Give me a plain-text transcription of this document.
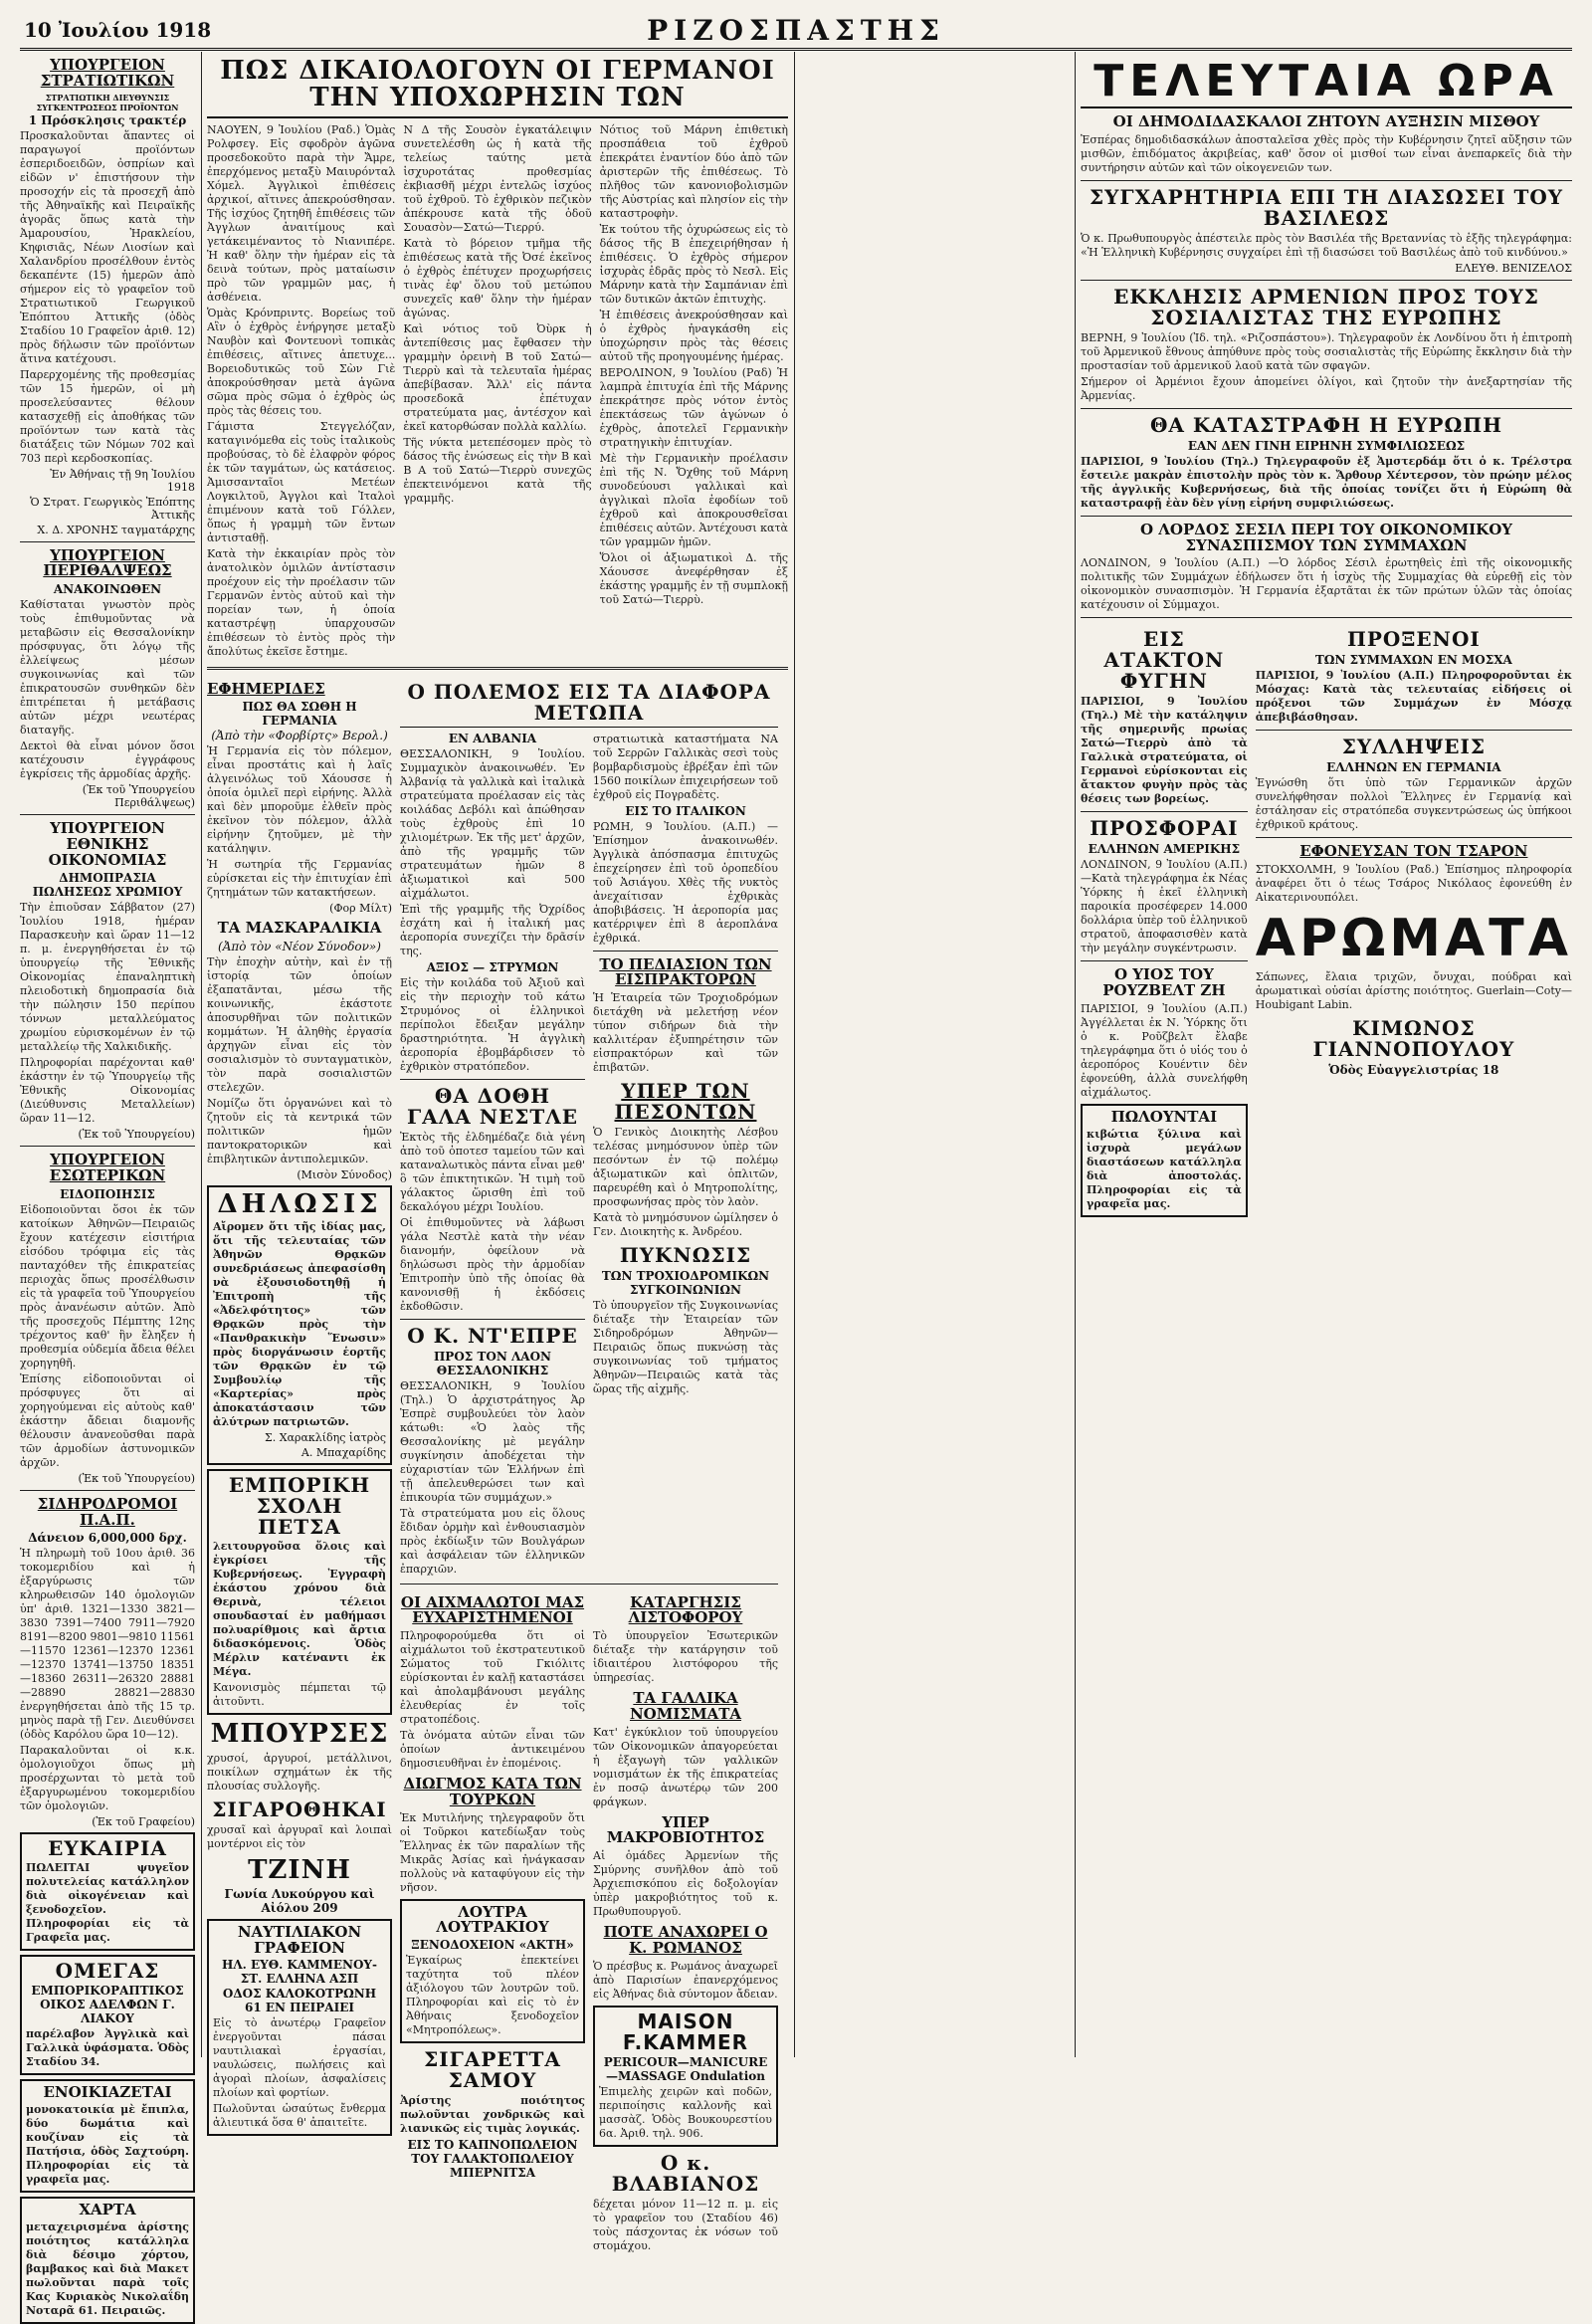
10 Ἰουλίου 1918	ΡΙΖΟΣΠΑΣΤΗΣ
ΥΠΟΥΡΓΕΙΟΝ ΣΤΡΑΤΙΩΤΙΚΩΝ
ΣΤΡΑΤΙΩΤΙΚΗ ΔΙΕΥΘΥΝΣΙΣ ΣΥΓΚΕΝΤΡΩΣΕΩΣ ΠΡΟΪΟΝΤΩΝ
1 Πρόσκλησις τρακτέρ
Προσκαλοῦνται ἅπαντες οἱ παραγωγοί προϊόντων ἐσπεριδοειδῶν, ὀσπρίων καὶ εἰδῶν ν' ἐπιστήσουν τὴν προσοχήν εἰς τὰ προσεχῆ ἀπὸ τῆς Ἀθηναϊκῆς καὶ Πειραϊκῆς ἀγορᾶς ὅπως κατὰ τὴν Ἀμαρουσίου, Ἡρακλείου, Κηφισιᾶς, Νέων Λιοσίων καὶ Χαλανδρίου προσέλθουν ἐντὸς δεκαπέντε (15) ἡμερῶν ἀπὸ σήμερον εἰς τὸ γραφεῖον τοῦ Στρατιωτικοῦ Γεωργικοῦ Ἐπόπτου Ἀττικῆς (ὁδὸς Σταδίου 10 Γραφεῖον ἀριθ. 12) πρὸς δήλωσιν τῶν προϊόντων ἅτινα κατέχουσι.
Παρερχομένης τῆς προθεσμίας τῶν 15 ἡμερῶν, οἱ μὴ προσελεύσαντες θέλουν κατασχεθῇ εἰς ἀποθήκας τῶν προϊόντων των κατὰ τὰς διατάξεις τῶν Νόμων 702 καὶ 703 περὶ κερδοσκοπίας.
Ἐν Ἀθήναις τῇ 9η Ἰουλίου 1918
Ὁ Στρατ. Γεωργικὸς Ἐπόπτης Ἀττικῆς
Χ. Δ. ΧΡΟΝΗΣ ταγματάρχης
ΥΠΟΥΡΓΕΙΟΝ ΠΕΡΙΘΑΛΨΕΩΣ
ΑΝΑΚΟΙΝΩΘΕΝ
Καθίσταται γνωστὸν πρὸς τοὺς ἐπιθυμοῦντας νὰ μεταβῶσιν εἰς Θεσσαλονίκην πρόσφυγας, ὅτι λόγῳ τῆς ἐλλείψεως μέσων συγκοινωνίας καὶ τῶν ἐπικρατουσῶν συνθηκῶν δὲν ἐπιτρέπεται ἡ μετάβασις αὐτῶν μέχρι νεωτέρας διαταγῆς.
Δεκτοὶ θὰ εἶναι μόνον ὅσοι κατέχουσιν ἐγγράφους ἐγκρίσεις τῆς ἁρμοδίας ἀρχῆς.
(Ἐκ τοῦ Ὑπουργείου Περιθάλψεως)
ΥΠΟΥΡΓΕΙΟΝ ΕΘΝΙΚΗΣ ΟΙΚΟΝΟΜΙΑΣ
ΔΗΜΟΠΡΑΣΙΑ ΠΩΛΗΣΕΩΣ ΧΡΩΜΙΟΥ
Τὴν ἐπιοῦσαν Σάββατον (27) Ἰουλίου 1918, ἡμέραν Παρασκευὴν καὶ ὥραν 11—12 π. μ. ἐνεργηθήσεται ἐν τῷ ὑπουργείῳ τῆς Ἐθνικῆς Οἰκονομίας ἐπαναληπτικὴ πλειοδοτικὴ δημοπρασία διὰ τὴν πώλησιν 150 περίπου τόννων μεταλλεύματος χρωμίου εὑρισκομένων ἐν τῷ μεταλλείῳ τῆς Χαλκιδικῆς.
Πληροφορίαι παρέχονται καθ' ἑκάστην ἐν τῷ Ὑπουργείῳ τῆς Ἐθνικῆς Οἰκονομίας (Διεύθυνσις Μεταλλείων) ὥραν 11—12.
(Ἐκ τοῦ Ὑπουργείου)
ΥΠΟΥΡΓΕΙΟΝ ΕΣΩΤΕΡΙΚΩΝ
ΕΙΔΟΠΟΙΗΣΙΣ
Εἰδοποιοῦνται ὅσοι ἐκ τῶν κατοίκων Ἀθηνῶν—Πειραιῶς ἔχουν κατέχεσιν εἰσιτήρια εἰσόδου τρόφιμα εἰς τὰς πανταχόθεν τῆς ἐπικρατείας περιοχὰς ὅπως προσέλθωσιν εἰς τὰ γραφεῖα τοῦ Ὑπουργείου πρὸς ἀνανέωσιν αὐτῶν. Ἀπὸ τῆς προσεχοῦς Πέμπτης 12ης τρέχοντος καθ' ἣν ἔληξεν ἡ προθεσμία οὐδεμία ἄδεια θέλει χορηγηθῆ.
Ἐπίσης εἰδοποιοῦνται οἱ πρόσφυγες ὅτι αἱ χορηγούμεναι εἰς αὐτοὺς καθ' ἑκάστην ἄδειαι διαμονῆς θέλουσιν ἀνανεοῦσθαι παρὰ τῶν ἁρμοδίων ἀστυνομικῶν ἀρχῶν.
(Ἐκ τοῦ Ὑπουργείου)
ΣΙΔΗΡΟΔΡΟΜΟΙ Π.Α.Π.
Δάνειον 6,000,000 δρχ.
Ἡ πληρωμὴ τοῦ 10ου ἀριθ. 36 τοκομεριδίου καὶ ἡ ἐξαργύρωσις τῶν κληρωθεισῶν 140 ὁμολογιῶν ὑπ' ἀριθ. 1321—1330 3821—3830 7391—7400 7911—7920 8191—8200 9801—9810 11561—11570 12361—12370 12361—12370 13741—13750 18351—18360 26311—26320 28881—28890 28821—28830 ἐνεργηθήσεται ἀπὸ τῆς 15 τρ. μηνὸς παρὰ τῇ Γεν. Διευθύνσει (ὁδὸς Καρόλου ὥρα 10—12).
Παρακαλοῦνται οἱ κ.κ. ὁμολογιοῦχοι ὅπως μὴ προσέρχωνται τὸ μετὰ τοῦ ἐξαργυρωμένου τοκομεριδίου τῶν ὁμολογιῶν.
(Ἐκ τοῦ Γραφείου)
ΕΥΚΑΙΡΙΑ
ΠΩΛΕΙΤΑΙ ψυγεῖον πολυτελείας κατάλληλον διὰ οἰκογένειαν καὶ ξενοδοχεῖον. Πληροφορίαι εἰς τὰ Γραφεῖα μας.
ΟΜΕΓΑΣ
ΕΜΠΟΡΙΚΟΡΑΠΤΙΚΟΣ ΟΙΚΟΣ ΑΔΕΛΦΩΝ Γ. ΛΙΑΚΟΥ
παρέλαβον Ἀγγλικὰ καὶ Γαλλικὰ ὑφάσματα. Ὁδὸς Σταδίου 34.
ΕΝΟΙΚΙΑΖΕΤΑΙ
μονοκατοικία μὲ ἔπιπλα, δύο δωμάτια καὶ κουζίναν εἰς τὰ Πατήσια, ὁδὸς Σαχτούρη. Πληροφορίαι εἰς τὰ γραφεῖα μας.
ΧΑΡΤΑ
μεταχειρισμένα ἀρίστης ποιότητος κατάλληλα διὰ δέσιμο χόρτου, βαμβακος καὶ διὰ Μακετ πωλοῦνται παρὰ τοῖς Κας Κυριακὸς Νικολαΐδη Νοταρᾶ 61. Πειραιῶς.
ΠΩΣ ΔΙΚΑΙΟΛΟΓΟΥΝ ΟΙ ΓΕΡΜΑΝΟΙ ΤΗΝ ΥΠΟΧΩΡΗΣΙΝ ΤΩΝ
ΝΑΟΥΕΝ, 9 Ἰουλίου (Ραδ.) Ὁμὰς Ρολφσεγ. Εἰς σφοδρὸν ἀγῶνα προσεδοκοῦτο παρὰ τὴν Ἄμρε, ἐπερχόμενος μεταξὺ Μαιυρόνταλ Χόμελ. Ἀγγλικοὶ ἐπιθέσεις ἀρχικοί, αἵτινες ἀπεκρούσθησαν. Τῆς ἰσχύος ζητηθῆ ἐπιθέσεις τῶν Ἀγγλων ἀναιτίμους καὶ γετάκειμέναντος τὸ Νιανιπέρε. Ἡ καθ' ὅλην τὴν ἡμέραν εἰς τὰ δεινὰ τούτων, πρὸς ματαίωσιν πρὸ τῶν γραμμῶν μας, ἡ ἀσθένεια.
Ὁμὰς Κρόνπριντς. Βορείως τοῦ Αἲν ὁ ἐχθρὸς ἐνήργησε μεταξὺ Ναυβὸν καὶ Φοντευονὶ τοπικὰς ἐπιθέσεις, αἵτινες ἀπετυχε... Βορειοδυτικῶς τοῦ Σὼν Γιὲ ἀποκρούσθησαν μετὰ ἀγῶνα σῶμα πρὸς σῶμα ὁ ἐχθρὸς ὡς πρὸς τὰς θέσεις του.
Γάμιστα Στεγγελόζαν, καταγινόμεθα εἰς τοὺς ἰταλικοὺς προβούσας, τὸ δὲ ἐλαφρὸν φόρος ἐκ τῶν ταγμάτων, ὡς κατάσειος. Ἀμισσανταῖοι Μετέων Λογκιλτοῦ, Ἀγγλοι καὶ Ἰταλοὶ ἐπιμένουν κατὰ τοῦ Γόλλεν, ὅπως ἡ γραμμὴ τῶν ἔντων ἀντισταθῇ.
Κατὰ τὴν ἐκκαιρίαν πρὸς τὸν ἀνατολικὸν ὁμιλῶν ἀντίστασιν προέχουν εἰς τὴν προέλασιν τῶν Γερμανῶν ἐντὸς αὐτοῦ καὶ τὴν πορείαν των, ἡ ὁποία καταστρέψῃ ὑπαρχουσῶν ἐπιθέσεων τὸ ἐντὸς πρὸς τὴν ἄπολύτως ἐκεῖσε ἔστημε.
Ν Δ τῆς Σουσὸν ἐγκατάλειψιν συνετελέσθη ὡς ἡ κατὰ τῆς τελείως ταύτης μετὰ ἰσχυροτάτας προθεσμίας ἐκβιασθῆ μέχρι ἐντελῶς ἰσχύος τοῦ ἐχθροῦ. Τὸ ἐχθρικὸν πεζικὸν ἀπέκρουσε κατὰ τῆς ὁδοῦ Σουασὸν—Σατώ—Τιερρύ.
Κατὰ τὸ βόρειον τμῆμα τῆς ἐπιθέσεως κατὰ τῆς Ὀσέ ἐκεῖνος ὁ ἐχθρὸς ἐπέτυχεν προχωρήσεις τινὰς ἐφ' ὅλου τοῦ μετώπου συνεχεῖς καθ' ὅλην τὴν ἡμέραν ἀγώνας.
Καὶ νότιος τοῦ Ὀὺρκ ἡ ἀντεπίθεσις μας ἔφθασεν τὴν γραμμὴν ὀρεινὴ Β τοῦ Σατώ—Τιερρὺ καὶ τὰ τελευταῖα ἡμέρας ἀπεβίβασαν. Ἄλλ' εἰς πάντα προσεδοκᾶ ἐπέτυχαν στρατεύματα μας, ἀντέσχον καὶ ἐκεῖ κατορθώσαν πολλὰ καλλίω.
Τῆς νύκτα μετεπέσομεν πρὸς τὸ δάσος τῆς ἐνώσεως εἰς τὴν Β καὶ Β Α τοῦ Σατώ—Τιερρὺ συνεχῶς ἐπεκτεινόμενοι κατὰ τῆς γραμμῆς.
Νότιος τοῦ Μάρνη ἐπιθετικὴ προσπάθεια τοῦ ἐχθροῦ ἐπεκράτει ἐναντίον δύο ἀπὸ τῶν ἀριστερῶν τῆς ἐπιθέσεως. Τὸ πλῆθος τῶν κανονιοβολισμῶν τῆς Αὐστρίας καὶ πλησίον εἰς τὴν καταστροφὴν.
Ἐκ τούτου τῆς ὀχυρώσεως εἰς τὸ δάσος τῆς Β ἐπεχειρήθησαν ἡ ἐπιθέσεις. Ὁ ἐχθρὸς σήμερον ἰσχυρὰς ἐδρᾶς πρὸς τὸ Νεσλ. Εἰς Μάρνην κατὰ τὴν Σαμπάνιαν ἐπὶ τῶν δυτικῶν ἀκτῶν ἐπιτυχὴς.
Ἡ ἐπιθέσεις ἀνεκρούσθησαν καὶ ὁ ἐχθρὸς ἠναγκάσθη εἰς ὑποχώρησιν πρὸς τὰς θέσεις αὐτοῦ τῆς προηγουμένης ἡμέρας.
ΒΕΡΟΛΙΝΟΝ, 9 Ἰουλίου (Ραδ) Ἡ λαμπρὰ ἐπιτυχία ἐπὶ τῆς Μάρνης ἐπεκράτησε πρὸς νότον ἐντὸς ἐπεκτάσεως τῶν ἀγώνων ὁ ἐχθρὸς, ἀποτελεῖ Γερμανικὴν στρατηγικὴν ἐπιτυχίαν.
Μὲ τὴν Γερμανικὴν προέλασιν ἐπὶ τῆς Ν. Ὄχθης τοῦ Μάρνη συνοδεύουσι γαλλικαὶ καὶ ἀγγλικαὶ πλοῖα ἐφοδίων τοῦ ἐχθροῦ καὶ ἀποκρουσθεῖσαι ἐπιθέσεις αὐτῶν. Ἀντέχουσι κατὰ τῶν γραμμῶν ἡμῶν.
Ὅλοι οἱ ἀξιωματικοὶ Δ. τῆς Χάουσσε ἀνεφέρθησαν ἐξ ἑκάστης γραμμῆς ἐν τῇ συμπλοκῇ τοῦ Σατώ—Τιερρὺ.
ΕΦΗΜΕΡΙΔΕΣ
ΠΩΣ ΘΑ ΣΩΘΗ Η ΓΕΡΜΑΝΙΑ
(Ἀπὸ τὴν «Φορβίρτς» Βερολ.)
Ἡ Γερμανία εἰς τὸν πόλεμον, εἶναι προστάτις καὶ ἡ λαῖς ἀλγεινόλως τοῦ Χάουσσε ἡ ὁποία ὁμιλεῖ περὶ εἰρήνης. Ἀλλὰ καὶ δὲν μποροῦμε ἐλθεῖν πρὸς ἐκεῖνον τὸν πόλεμον, ἀλλὰ εἰρήνην ζητοῦμεν, μὲ τὴν κατάληψιν.
Ἡ σωτηρία τῆς Γερμανίας εὑρίσκεται εἰς τὴν ἐπιτυχίαν ἐπὶ ζητημάτων τῶν κατακτήσεων.
(Φορ Μίλτ)
ΤΑ ΜΑΣΚΑΡΑΛΙΚΙΑ
(Ἀπὸ τὸν «Νέον Σύνοδον»)
Τὴν ἐποχὴν αὐτὴν, καὶ ἐν τῇ ἱστορίᾳ τῶν ὁποίων ἐξαπατᾶνται, μέσω τῆς κοινωνικῆς, ἐκάστοτε ἀποσυρθῆναι τῶν πολιτικῶν κομμάτων. Ἡ ἀληθὴς ἐργασία ἀρχηγῶν εἶναι εἰς τὸν σοσιαλισμὸν τὸ συνταγματικὸν, τὸν παρὰ σοσιαλιστῶν στελεχῶν.
Νομίζω ὅτι ὀργανώνει καὶ τὸ ζητοῦν εἰς τὰ κεντρικά τῶν πολιτικῶν ἡμῶν παντοκρατορικῶν καὶ ἐπιβλητικῶν ἀντιπολεμικῶν.
(Μισὸν Σύνοδος)
ΔΗΛΩΣΙΣ
Αἴρομεν ὅτι τῆς ἰδίας μας, ὅτι τῆς τελευταίας τῶν Ἀθηνῶν Θρᾳκῶν συνεδριάσεως ἀπεφασίσθη νὰ ἐξουσιοδοτηθῇ ἡ Ἐπιτροπὴ τῆς «Ἀδελφότητος» τῶν Θρᾳκῶν πρὸς τὴν «Πανθρακικὴν Ἕνωσιν» πρὸς διοργάνωσιν ἑορτῆς τῶν Θρᾳκῶν ἐν τῷ Συμβουλίῳ τῆς «Καρτερίας» πρὸς ἀποκατάστασιν τῶν ἀλύτρων πατριωτῶν.
Σ. Χαρακλίδης ἰατρὸς
Α. Μπαχαρίδης
ΕΜΠΟΡΙΚΗ ΣΧΟΛΗ ΠΕΤΣΑ
λειτουργοῦσα ὅλοις καὶ ἐγκρίσει τῆς Κυβερνήσεως. Ἐγγραφὴ ἑκάστου χρόνου διὰ Θερινὰ, τέλειοι σπουδασταί ἐν μαθήμασι πολυαρίθμοις καὶ ἄρτια διδασκόμενοις. Ὁδὸς Μέρλιν κατέναντι ἐκ Μέγα.
Κανονισμὸς πέμπεται τῷ ἀιτοῦντι.
ΜΠΟΥΡΣΕΣ
χρυσοί, ἀργυροί, μετάλλινοι, ποικίλων σχημάτων ἐκ τῆς πλουσίας συλλογῆς.
ΣΙΓΑΡΟΘΗΚΑΙ
χρυσαῖ καὶ ἀργυραῖ καὶ λοιπαὶ μοντέρνοι εἰς τὸν
ΤΖΙΝΗ
Γωνία Λυκούργου καὶ Αἰόλου 209
ΝΑΥΤΙΛΙΑΚΟΝ ΓΡΑΦΕΙΟΝ
ΗΛ. ΕΥΘ. ΚΑΜΜΕΝΟΥ-ΣΤ. ΕΛΛΗΝΑ ΑΣΠ
ΟΔΟΣ ΚΑΛΟΚΟΤΡΩΝΗ 61 ΕΝ ΠΕΙΡΑΙΕΙ
Εἰς τὸ ἀνωτέρῳ Γραφεῖον ἐνεργοῦνται πάσαι ναυτιλιακαὶ ἐργασίαι, ναυλώσεις, πωλήσεις καὶ ἀγοραὶ πλοίων, ἀσφαλίσεις πλοίων καὶ φορτίων.
Πωλοῦνται ὡσαύτως ἔνθερμα ἀλιευτικά ὅσα θ' ἀπαιτεῖτε.
Ο ΠΟΛΕΜΟΣ ΕΙΣ ΤΑ ΔΙΑΦΟΡΑ ΜΕΤΩΠΑ
ΕΝ ΑΛΒΑΝΙΑ
ΘΕΣΣΑΛΟΝΙΚΗ, 9 Ἰουλίου. Συμμαχικὸν ἀνακοινωθέν. Ἐν Ἀλβανίᾳ τὰ γαλλικὰ καὶ ἰταλικὰ στρατεύματα προέλασαν εἰς τὰς κοιλάδας Δεβόλι καὶ ἀπώθησαν τοὺς ἐχθροὺς ἐπὶ 10 χιλιομέτρων. Ἐκ τῆς μετ' ἀρχῶν, ἀπὸ τῆς γραμμῆς τῶν στρατευμάτων ἡμῶν 8 ἀξιωματικοὶ καὶ 500 αἰχμάλωτοι.
Ἐπὶ τῆς γραμμῆς τῆς Ὀχρίδος ἐσχάτη καὶ ἡ ἱταλική μας ἀεροπορία συνεχίζει τὴν δρᾶσίν της.
ΑΞΙΟΣ — ΣΤΡΥΜΩΝ
Εἰς τὴν κοιλάδα τοῦ Ἀξιοῦ καὶ εἰς τὴν περιοχὴν τοῦ κάτω Στρυμόνος οἱ ἑλληνικοὶ περίπολοι ἔδειξαν μεγάλην δραστηριότητα. Ἡ ἀγγλικὴ ἀεροπορία ἐβομβάρδισεν τὸ ἐχθρικὸν στρατόπεδον.
ΘΑ ΔΟΘΗ ΓΑΛΑ ΝΕΣΤΛΕ
Ἐκτὸς τῆς ἐλδημέδαζε διὰ γένη ἀπὸ τοῦ ὁποτεσ ταμείου τῶν καὶ καταναλωτικὸς πάντα εἶναι μεθ' ὃ τῶν ἐπικτητικῶν. Ἡ τιμὴ τοῦ γάλακτος ὥρισθη ἐπὶ τοῦ δεκαλόγου μέχρι Ἰουλίου.
Οἱ ἐπιθυμοῦντες νὰ λάβωσι γάλα Νεστλὲ κατὰ τὴν νέαν διανομήν, ὀφείλουν νὰ δηλώσωσι πρὸς τὴν ἁρμοδίαν Ἐπιτροπὴν ὑπὸ τῆς ὁποίας θὰ κανονισθῇ ἡ ἐκδόσεις ἐκδοθῶσιν.
Ο Κ. ΝΤ'ΕΠΡΕ
ΠΡΟΣ ΤΟΝ ΛΑΟΝ ΘΕΣΣΑΛΟΝΙΚΗΣ
ΘΕΣΣΑΛΟΝΙΚΗ, 9 Ἰουλίου (Τηλ.) Ὁ ἀρχιστράτηγος Ἀρ Ἐσπρὲ συμβουλεύει τὸν λαὸν κάτωθι: «Ὁ λαὸς τῆς Θεσσαλονίκης μὲ μεγάλην συγκίνησιν ἀποδέχεται τὴν εὐχαριστίαν τῶν Ἑλλήνων ἐπὶ τῇ ἀπελευθερώσει των καὶ ἐπικουρία τῶν συμμάχων.»
Τὰ στρατεύματα μου εἰς ὅλους ἔδιδαν ὁρμὴν καὶ ἐνθουσιασμὸν πρὸς ἐκδίωξιν τῶν Βουλγάρων καὶ ἀσφάλειαν τῶν ἑλληνικῶν ἐπαρχιῶν.
στρατιωτικὰ καταστήματα ΝΑ τοῦ Σερρῶν Γαλλικὰς σεσὶ τοὺς βομβαρδισμοὺς ἐβρέξαν ἐπὶ τῶν 1560 ποικίλων ἐπιχειρήσεων τοῦ ἐχθροῦ εἰς Πογραδὲτς.
ΕΙΣ ΤΟ ΙΤΑΛΙΚΟΝ
ΡΩΜΗ, 9 Ἰουλίου. (Α.Π.) —Ἐπίσημον ἀνακοινωθέν. Ἀγγλικὰ ἀπόσπασμα ἐπιτυχῶς ἐπεχείρησεν ἐπὶ τοῦ ὀροπεδίου τοῦ Ἀσιάγου. Χθὲς τῆς νυκτὸς ἀνεχαίτισαν ἐχθρικὰς ἀποβιβάσεις. Ἡ ἀεροπορία μας κατέρριψεν ἐπὶ 8 ἀεροπλάνα ἐχθρικά.
ΤΟ ΠΕΔΙΑΣΙΟΝ ΤΩΝ ΕΙΣΠΡΑΚΤΟΡΩΝ
Ἡ Ἑταιρεία τῶν Τροχιοδρόμων διετάχθη νὰ μελετήσῃ νέον τύπον σιδήρων διὰ τὴν καλλιτέραν ἐξυπηρέτησιν τῶν εἰσπρακτόρων καὶ τῶν ἐπιβατῶν.
ΥΠΕΡ ΤΩΝ ΠΕΣΟΝΤΩΝ
Ὁ Γενικὸς Διοικητὴς Λέσβου τελέσας μνημόσυνον ὑπὲρ τῶν πεσόντων ἐν τῷ πολέμῳ ἀξιωματικῶν καὶ ὁπλιτῶν, παρευρέθη καὶ ὁ Μητροπολίτης, προσφωνήσας πρὸς τὸν λαὸν.
Κατὰ τὸ μνημόσυνον ὡμίλησεν ὁ Γεν. Διοικητὴς κ. Ἀνδρέου.
ΠΥΚΝΩΣΙΣ
ΤΩΝ ΤΡΟΧΙΟΔΡΟΜΙΚΩΝ ΣΥΓΚΟΙΝΩΝΙΩΝ
Τὸ ὑπουργεῖον τῆς Συγκοινωνίας διέταξε τὴν Ἑταιρείαν τῶν Σιδηροδρόμων Ἀθηνῶν—Πειραιῶς ὅπως πυκνώσῃ τὰς συγκοινωνίας τοῦ τμήματος Ἀθηνῶν—Πειραιῶς κατὰ τὰς ὥρας τῆς αἰχμῆς.
ΟΙ ΑΙΧΜΑΛΩΤΟΙ ΜΑΣ ΕΥΧΑΡΙΣΤΗΜΕΝΟΙ
Πληροφορούμεθα ὅτι οἱ αἰχμάλωτοι τοῦ ἐκστρατευτικοῦ Σώματος τοῦ Γκιόλιτς εὑρίσκονται ἐν καλῇ καταστάσει καὶ ἀπολαμβάνουσι μεγάλης ἐλευθερίας ἐν τοῖς στρατοπέδοις.
Τὰ ὀνόματα αὐτῶν εἶναι τῶν ὁποίων ἀντικειμένου δημοσιευθῆναι ἐν ἐπομένοις.
ΔΙΩΓΜΟΣ ΚΑΤΑ ΤΩΝ ΤΟΥΡΚΩΝ
Ἐκ Μυτιλήνης τηλεγραφοῦν ὅτι οἱ Τοῦρκοι κατεδίωξαν τοὺς Ἕλληνας ἐκ τῶν παραλίων τῆς Μικρᾶς Ἀσίας καὶ ἠνάγκασαν πολλοὺς νὰ καταφύγουν εἰς τὴν νῆσον.
ΛΟΥΤΡΑ ΛΟΥΤΡΑΚΙΟΥ
ΞΕΝΟΔΟΧΕΙΟΝ «ΑΚΤΗ»
Ἐγκαίρως ἐπεκτείνει ταχύτητα τοῦ πλέον ἀξιόλογου τῶν λουτρῶν τοῦ. Πληροφορίαι καὶ εἰς τὸ ἐν Ἀθήναις ξενοδοχεῖον «Μητροπόλεως».
ΣΙΓΑΡΕΤΤΑ ΣΑΜΟΥ
Ἀρίστης ποιότητος πωλοῦνται χονδρικῶς καὶ λιανικῶς εἰς τιμὰς λογικάς.
ΕΙΣ ΤΟ ΚΑΠΝΟΠΩΛΕΙΟΝ ΤΟΥ ΓΑΛΑΚΤΟΠΩΛΕΙΟΥ ΜΠΕΡΝΙΤΣΑ
ΚΑΤΑΡΓΗΣΙΣ ΛΙΣΤΟΦΟΡΟΥ
Τὸ ὑπουργεῖον Ἐσωτερικῶν διέταξε τὴν κατάργησιν τοῦ ἰδιαιτέρου λιστόφορου τῆς ὑπηρεσίας.
ΤΑ ΓΑΛΛΙΚΑ ΝΟΜΙΣΜΑΤΑ
Κατ' ἐγκύκλιον τοῦ ὑπουργείου τῶν Οἰκονομικῶν ἀπαγορεύεται ἡ ἐξαγωγὴ τῶν γαλλικῶν νομισμάτων ἐκ τῆς ἐπικρατείας ἐν ποσῷ ἀνωτέρῳ τῶν 200 φράγκων.
ΥΠΕΡ ΜΑΚΡΟΒΙΟΤΗΤΟΣ
Αἱ ὁμάδες Ἀρμενίων τῆς Σμύρνης συνῆλθον ἀπὸ τοῦ Ἀρχιεπισκόπου εἰς δοξολογίαν ὑπὲρ μακροβιότητος τοῦ κ. Πρωθυπουργοῦ.
ΠΟΤΕ ΑΝΑΧΩΡΕΙ Ο Κ. ΡΩΜΑΝΟΣ
Ὁ πρέσβυς κ. Ρωμάνος ἀναχωρεῖ ἀπὸ Παρισίων ἐπανερχόμενος εἰς Ἀθήνας διὰ σύντομον ἄδειαν.
MAISON F.KAMMER
PERICOUR—MANICURE—MASSAGE Ondulation
Ἐπιμελὴς χειρῶν καὶ ποδῶν, περιποίησις καλλονῆς καὶ μασσὰζ. Ὁδὸς Βουκουρεστίου 6α. Ἀριθ. τηλ. 906.
Ο κ. ΒΛΑΒΙΑΝΟΣ
δέχεται μόνον 11—12 π. μ. εἰς τὸ γραφεῖον του (Σταδίου 46) τοὺς πάσχοντας ἐκ νόσων τοῦ στομάχου.
ΤΕΛΕΥΤΑΙΑ ΩΡΑ
ΟΙ ΔΗΜΟΔΙΔΑΣΚΑΛΟΙ ΖΗΤΟΥΝ ΑΥΞΗΣΙΝ ΜΙΣΘΟΥ
Ἐσπέρας δημοδιδασκάλων ἀποσταλεῖσα χθὲς πρὸς τὴν Κυβέρνησιν ζητεῖ αὔξησιν τῶν μισθῶν, ἐπιδόματος ἀκριβείας, καθ' ὅσον οἱ μισθοί των εἶναι ἀνεπαρκεῖς διὰ τὴν συντήρησιν αὐτῶν καὶ τῶν οἰκογενειῶν των.
ΣΥΓΧΑΡΗΤΗΡΙΑ ΕΠΙ ΤΗ ΔΙΑΣΩΣΕΙ ΤΟΥ ΒΑΣΙΛΕΩΣ
Ὁ κ. Πρωθυπουργὸς ἀπέστειλε πρὸς τὸν Βασιλέα τῆς Βρεταννίας τὸ ἑξῆς τηλεγράφημα: «Ἡ Ἑλληνικὴ Κυβέρνησις συγχαίρει ἐπὶ τῇ διασώσει τοῦ Βασιλέως ἀπὸ τοῦ κινδύνου.»
ΕΛΕΥΘ. ΒΕΝΙΖΕΛΟΣ
ΕΚΚΛΗΣΙΣ ΑΡΜΕΝΙΩΝ ΠΡΟΣ ΤΟΥΣ ΣΟΣΙΑΛΙΣΤΑΣ ΤΗΣ ΕΥΡΩΠΗΣ
ΒΕΡΝΗ, 9 Ἰουλίου (Ἰδ. τηλ. «Ριζοσπάστου»). Τηλεγραφοῦν ἐκ Λονδίνου ὅτι ἡ ἐπιτροπὴ τοῦ Ἀρμενικοῦ ἔθνους ἀπηύθυνε πρὸς τοὺς σοσιαλιστὰς τῆς Εὐρώπης ἔκκλησιν διὰ τὴν προστασίαν τοῦ ἀρμενικοῦ λαοῦ κατὰ τῶν σφαγῶν.
Σήμερον οἱ Ἀρμένιοι ἔχουν ἀπομείνει ὀλίγοι, καὶ ζητοῦν τὴν ἀνεξαρτησίαν τῆς Ἀρμενίας.
ΘΑ ΚΑΤΑΣΤΡΑΦΗ Η ΕΥΡΩΠΗ
ΕΑΝ ΔΕΝ ΓΙΝΗ ΕΙΡΗΝΗ ΣΥΜΦΙΛΙΩΣΕΩΣ
ΠΑΡΙΣΙΟΙ, 9 Ἰουλίου (Τηλ.) Τηλεγραφοῦν ἐξ Ἀμστερδάμ ὅτι ὁ κ. Τρέλστρα ἔστειλε μακρὰν ἐπιστολὴν πρὸς τὸν κ. Ἄρθουρ Χέντερσον, τὸν πρώην μέλος τῆς ἀγγλικῆς Κυβερνήσεως, διὰ τῆς ὁποίας τονίζει ὅτι ἡ Εὐρώπη θὰ καταστραφῇ ἐὰν δὲν γίνῃ εἰρήνη συμφιλιώσεως.
Ο ΛΟΡΔΟΣ ΣΕΣΙΛ ΠΕΡΙ ΤΟΥ ΟΙΚΟΝΟΜΙΚΟΥ ΣΥΝΑΣΠΙΣΜΟΥ ΤΩΝ ΣΥΜΜΑΧΩΝ
ΛΟΝΔΙΝΟΝ, 9 Ἰουλίου (Α.Π.) —Ὁ λόρδος Σέσιλ ἐρωτηθεὶς ἐπὶ τῆς οἰκονομικῆς πολιτικῆς τῶν Συμμάχων ἐδήλωσεν ὅτι ἡ ἰσχὺς τῆς Συμμαχίας θὰ εὑρεθῇ εἰς τὸν οἰκονομικὸν συνασπισμὸν. Ἡ Γερμανία ἐξαρτᾶται ἐκ τῶν πρώτων ὑλῶν τὰς ὁποίας κατέχουσιν οἱ Σύμμαχοι.
ΕΙΣ ΑΤΑΚΤΟΝ ΦΥΓΗΝ
ΠΑΡΙΣΙΟΙ, 9 Ἰουλίου (Τηλ.) Μὲ τὴν κατάληψιν τῆς σημερινῆς πρωίας Σατώ—Τιερρὺ ἀπὸ τὰ Γαλλικὰ στρατεύματα, οἱ Γερμανοὶ εὑρίσκονται εἰς ἄτακτον φυγὴν πρὸς τὰς θέσεις των βορείως.
ΠΡΟΣΦΟΡΑΙ
ΕΛΛΗΝΩΝ ΑΜΕΡΙΚΗΣ
ΛΟΝΔΙΝΟΝ, 9 Ἰουλίου (Α.Π.) —Κατὰ τηλεγράφημα ἐκ Νέας Ὑόρκης ἡ ἐκεῖ ἑλληνικὴ παροικία προσέφερεν 14.000 δολλάρια ὑπὲρ τοῦ ἑλληνικοῦ στρατοῦ, ἀποφασισθὲν κατὰ τὴν μεγάλην συγκέντρωσιν.
Ο ΥΙΟΣ ΤΟΥ ΡΟΥΖΒΕΛΤ ΖΗ
ΠΑΡΙΣΙΟΙ, 9 Ἰουλίου (Α.Π.) Ἀγγέλλεται ἐκ Ν. Ὑόρκης ὅτι ὁ κ. Ροῦζβελτ ἔλαβε τηλεγράφημα ὅτι ὁ υἱός του ὁ ἀεροπόρος Κουέντιν δὲν ἐφονεύθη, ἀλλὰ συνελήφθη αἰχμάλωτος.
ΠΩΛΟΥΝΤΑΙ
κιβώτια ξύλινα καὶ ἰσχυρὰ μεγάλων διαστάσεων κατάλληλα διὰ ἀποστολάς. Πληροφορίαι εἰς τὰ γραφεῖα μας.
ΠΡΟΞΕΝΟΙ
ΤΩΝ ΣΥΜΜΑΧΩΝ ΕΝ ΜΟΣΧΑ
ΠΑΡΙΣΙΟΙ, 9 Ἰουλίου (Α.Π.) Πληροφοροῦνται ἐκ Μόσχας: Κατὰ τὰς τελευταίας εἰδήσεις οἱ πρόξενοι τῶν Συμμάχων ἐν Μόσχᾳ ἀπεβιβάσθησαν.
ΣΥΛΛΗΨΕΙΣ
ΕΛΛΗΝΩΝ ΕΝ ΓΕΡΜΑΝΙΑ
Ἐγνώσθη ὅτι ὑπὸ τῶν Γερμανικῶν ἀρχῶν συνελήφθησαν πολλοὶ Ἕλληνες ἐν Γερμανίᾳ καὶ ἐστάλησαν εἰς στρατόπεδα συγκεντρώσεως ὡς ὑπήκοοι ἐχθρικοῦ κράτους.
ΕΦΟΝΕΥΣΑΝ ΤΟΝ ΤΣΑΡΟΝ
ΣΤΟΚΧΟΛΜΗ, 9 Ἰουλίου (Ραδ.) Ἐπίσημος πληροφορία ἀναφέρει ὅτι ὁ τέως Τσάρος Νικόλαος ἐφονεύθη ἐν Αἰκατερινουπόλει.
ΑΡΩΜΑΤΑ
Σάπωνες, ἔλαια τριχῶν, ὄνυχαι, πούδραι καὶ ἀρωματικαὶ οὐσίαι ἀρίστης ποιότητος. Guerlain—Coty—Houbigant Labin.
ΚΙΜΩΝΟΣ ΓΙΑΝΝΟΠΟΥΛΟΥ
Ὁδὸς Εὐαγγελιστρίας 18
